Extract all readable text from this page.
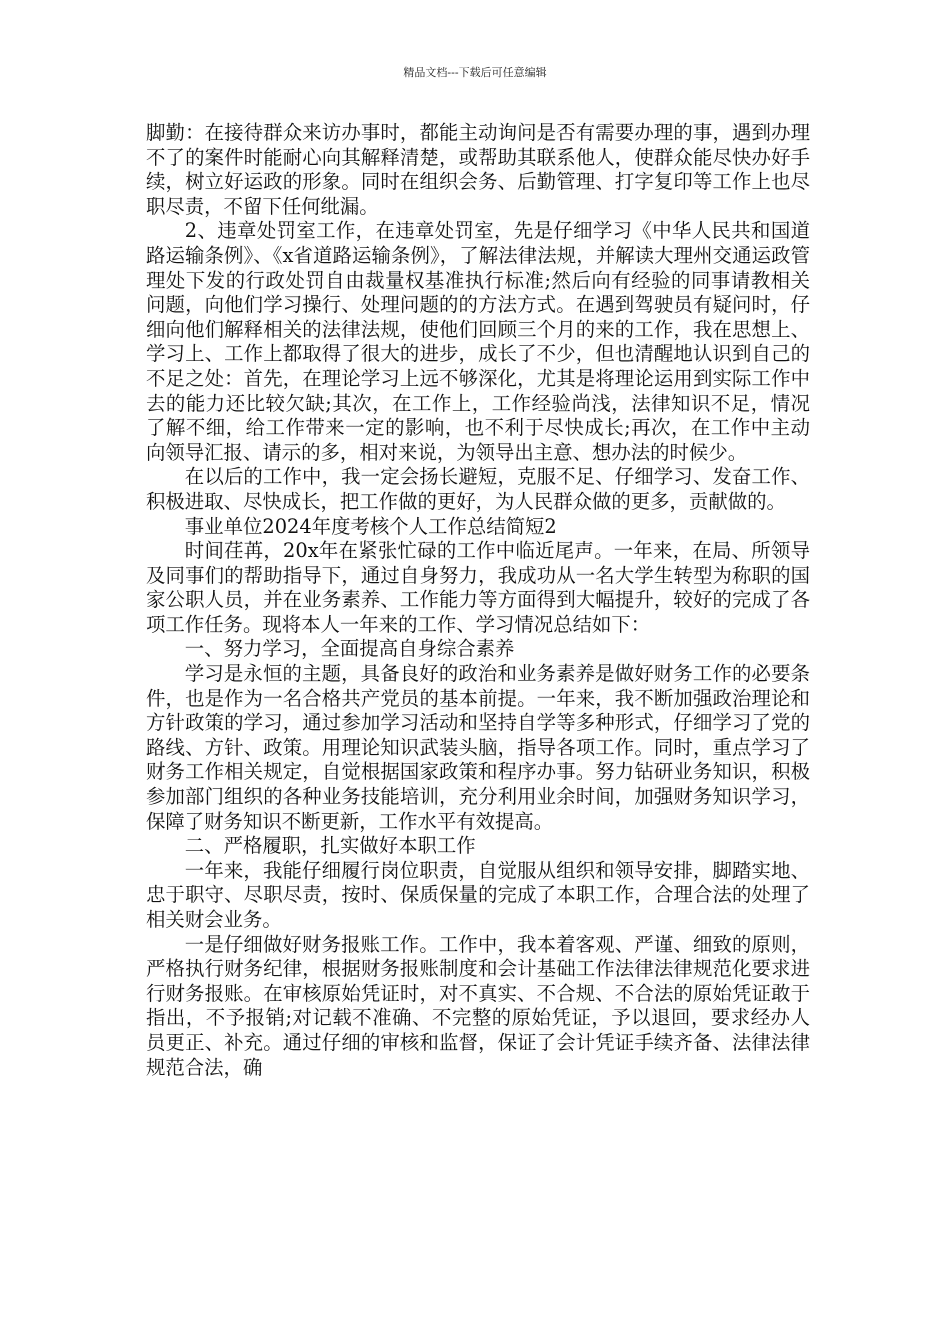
精品文档---下载后可任意编辑

脚勤：在接待群众来访办事时，都能主动询问是否有需要办理的事，遇到办理不了的案件时能耐心向其解释清楚，或帮助其联系他人，使群众能尽快办好手续，树立好运政的形象。同时在组织会务、后勤管理、打字复印等工作上也尽职尽责，不留下任何纰漏。

2、违章处罚室工作，在违章处罚室，先是仔细学习《中华人民共和国道路运输条例》、《x省道路运输条例》，了解法律法规，并解读大理州交通运政管理处下发的行政处罚自由裁量权基准执行标准;然后向有经验的同事请教相关问题，向他们学习操行、处理问题的的方法方式。在遇到驾驶员有疑问时，仔细向他们解释相关的法律法规，使他们回顾三个月的来的工作，我在思想上、学习上、工作上都取得了很大的进步，成长了不少，但也清醒地认识到自己的不足之处：首先，在理论学习上远不够深化，尤其是将理论运用到实际工作中去的能力还比较欠缺;其次，在工作上，工作经验尚浅，法律知识不足，情况了解不细，给工作带来一定的影响，也不利于尽快成长;再次，在工作中主动向领导汇报、请示的多，相对来说，为领导出主意、想办法的时候少。

在以后的工作中，我一定会扬长避短，克服不足、仔细学习、发奋工作、积极进取、尽快成长，把工作做的更好，为人民群众做的更多，贡献做的。

事业单位2024年度考核个人工作总结简短2

时间荏苒，20x年在紧张忙碌的工作中临近尾声。一年来，在局、所领导及同事们的帮助指导下，通过自身努力，我成功从一名大学生转型为称职的国家公职人员，并在业务素养、工作能力等方面得到大幅提升，较好的完成了各项工作任务。现将本人一年来的工作、学习情况总结如下：

一、努力学习，全面提高自身综合素养

学习是永恒的主题，具备良好的政治和业务素养是做好财务工作的必要条件，也是作为一名合格共产党员的基本前提。一年来，我不断加强政治理论和方针政策的学习，通过参加学习活动和坚持自学等多种形式，仔细学习了党的路线、方针、政策。用理论知识武装头脑，指导各项工作。同时，重点学习了财务工作相关规定，自觉根据国家政策和程序办事。努力钻研业务知识，积极参加部门组织的各种业务技能培训，充分利用业余时间，加强财务知识学习，保障了财务知识不断更新，工作水平有效提高。

二、严格履职，扎实做好本职工作

一年来，我能仔细履行岗位职责，自觉服从组织和领导安排，脚踏实地、忠于职守、尽职尽责，按时、保质保量的完成了本职工作，合理合法的处理了相关财会业务。

一是仔细做好财务报账工作。工作中，我本着客观、严谨、细致的原则，严格执行财务纪律，根据财务报账制度和会计基础工作法律法律规范化要求进行财务报账。在审核原始凭证时，对不真实、不合规、不合法的原始凭证敢于指出，不予报销;对记载不准确、不完整的原始凭证，予以退回，要求经办人员更正、补充。通过仔细的审核和监督，保证了会计凭证手续齐备、法律法律规范合法，确
